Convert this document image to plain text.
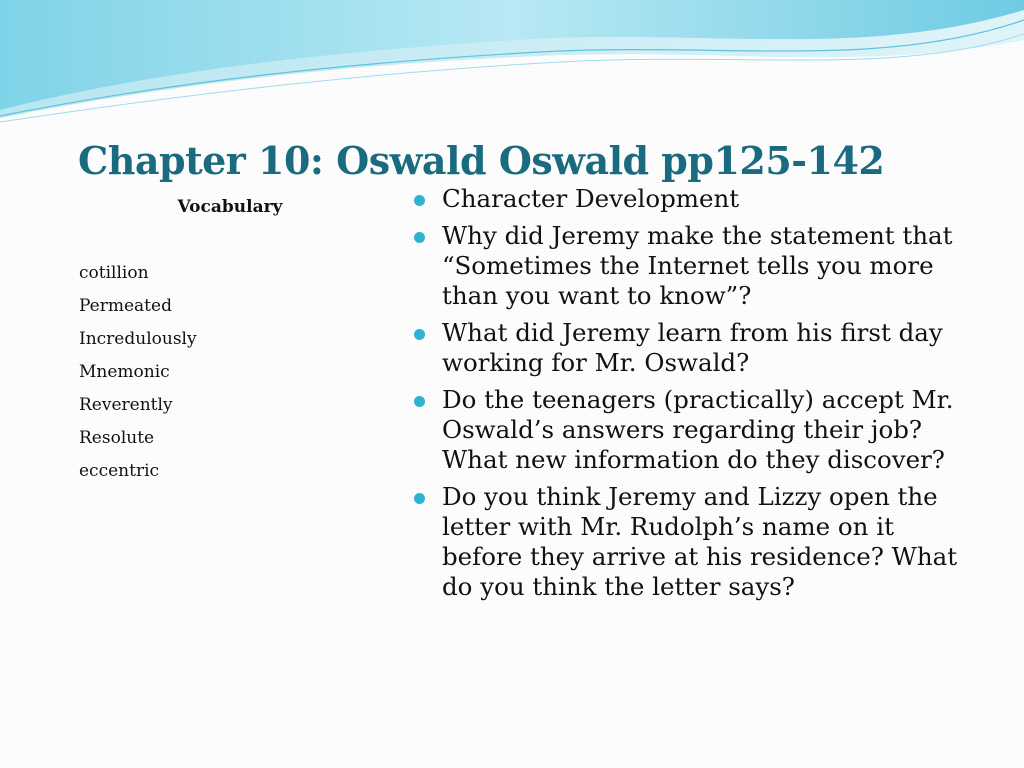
Chapter 10: Oswald Oswald pp125-142
Vocabulary
cotillion
Permeated
Incredulously
Mnemonic
Reverently
Resolute
eccentric
Character Development
Why did Jeremy make the statement that “Sometimes the Internet tells you more than you want to know”?
What did Jeremy learn from his first day working for Mr. Oswald?
Do the teenagers (practically) accept Mr. Oswald’s answers regarding their job? What new information do they discover?
Do you think Jeremy and Lizzy open the letter with Mr. Rudolph’s name on it before they arrive at his residence? What do you think the letter says?
